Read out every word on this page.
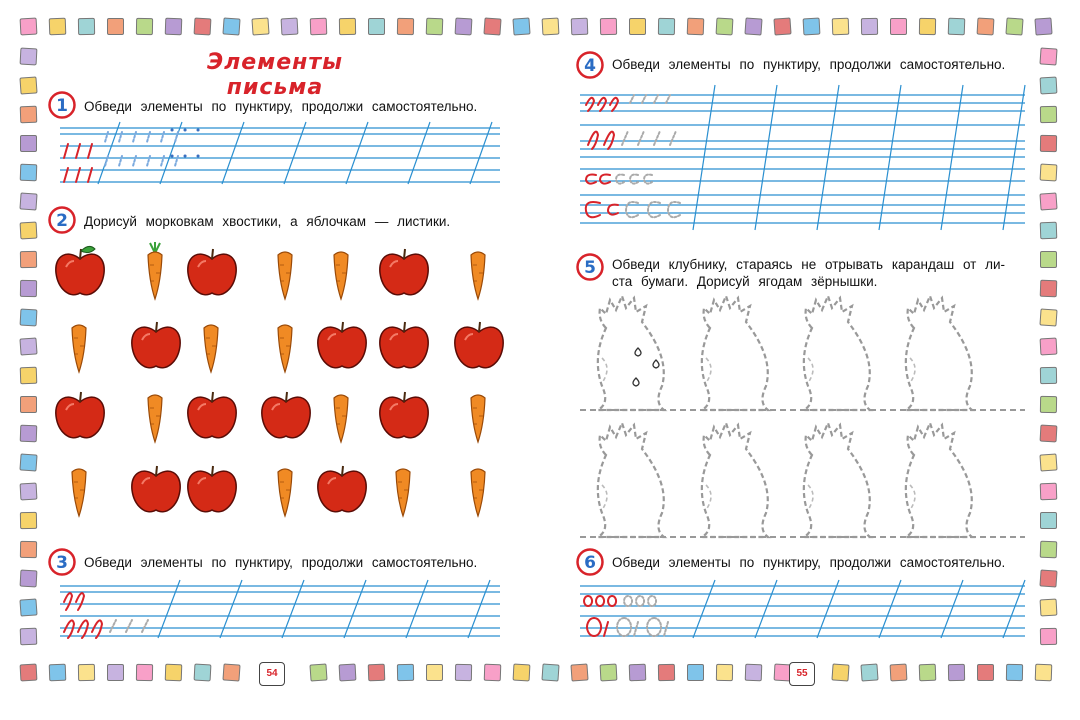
Элементы письма
1 Обведи элементы по пунктиру, продолжи самостоятельно.
2 Дорисуй морковкам хвостики, а яблочкам — листики.
3 Обведи элементы по пунктиру, продолжи самостоятельно.
54
4 Обведи элементы по пунктиру, продолжи самостоятельно.
5 Обведи клубнику, стараясь не отрывать карандаш от ли-
ста бумаги. Дорисуй ягодам зёрнышки.
6 Обведи элементы по пунктиру, продолжи самостоятельно.
55
